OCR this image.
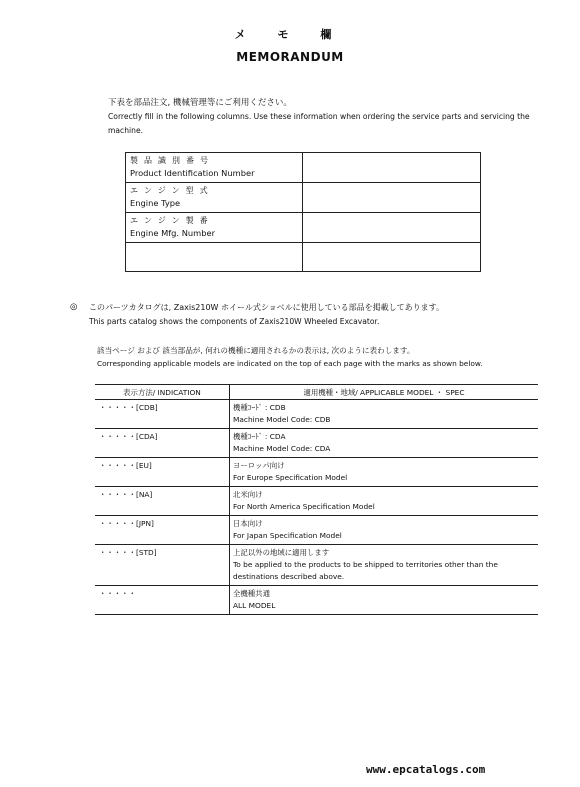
メ モ 欄
MEMORANDUM
下表を部品注文, 機械管理等にご利用ください。
Correctly fill in the following columns. Use these information when ordering the service parts and servicing the machine.
製品識別番号
Product Identification Number	

エンジン型式
Engine Type	

エンジン製番
Engine Mfg. Number	

◎ このパーツカタログは, Zaxis210W ホイール式ショベルに使用している部品を掲載してあります。
This parts catalog shows the components of Zaxis210W Wheeled Excavator.
該当ページ および 該当部品が, 何れの機種に適用されるかの表示は, 次のように表わします。
Corresponding applicable models are indicated on the top of each page with the marks as shown below.
表示方法/ INDICATION	適用機種・地域/ APPLICABLE MODEL ・ SPEC
・・・・・[CDB]	機種ｺｰﾄﾞ : CDB
Machine Model Code: CDB

・・・・・[CDA]	機種ｺｰﾄﾞ : CDA
Machine Model Code: CDA

・・・・・[EU]	ヨーロッパ向け
For Europe Specification Model

・・・・・[NA]	北米向け
For North America Specification Model

・・・・・[JPN]	日本向け
For Japan Specification Model

・・・・・[STD]	上記以外の地域に適用します
To be applied to the products to be shipped to territories other than the destinations described above.

・・・・・	全機種共通
ALL MODEL
www.epcatalogs.com
